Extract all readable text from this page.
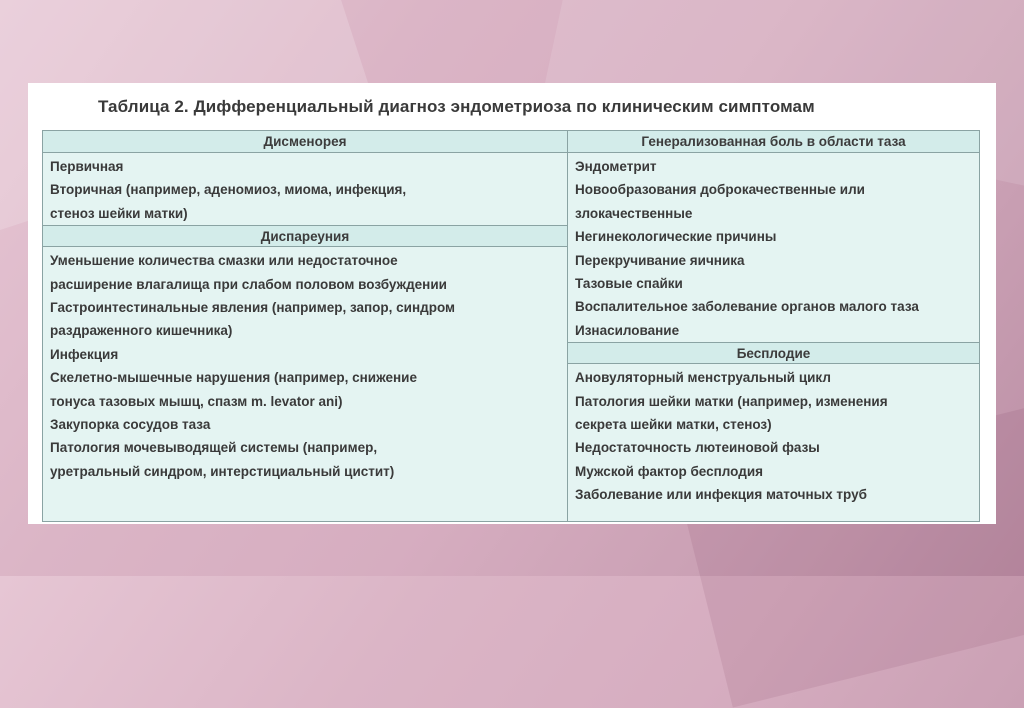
Таблица 2. Дифференциальный диагноз эндометриоза по клиническим симптомам
Дисменорея
Первичная
Вторичная (например, аденомиоз, миома, инфекция,
стеноз шейки матки)
Диспареуния
Уменьшение количества смазки или недостаточное
расширение влагалища при слабом половом возбуждении
Гастроинтестинальные явления (например, запор, синдром
раздраженного кишечника)
Инфекция
Скелетно-мышечные нарушения (например, снижение
тонуса тазовых мышц, спазм m. levator ani)
Закупорка сосудов таза
Патология мочевыводящей системы (например,
уретральный синдром, интерстициальный цистит)
Генерализованная боль в области таза
Эндометрит
Новообразования доброкачественные или
злокачественные
Негинекологические причины
Перекручивание яичника
Тазовые спайки
Воспалительное заболевание органов малого таза
Изнасилование
Бесплодие
Ановуляторный менструальный цикл
Патология шейки матки (например, изменения
секрета шейки матки, стеноз)
Недостаточность лютеиновой фазы
Мужской фактор бесплодия
Заболевание или инфекция маточных труб
